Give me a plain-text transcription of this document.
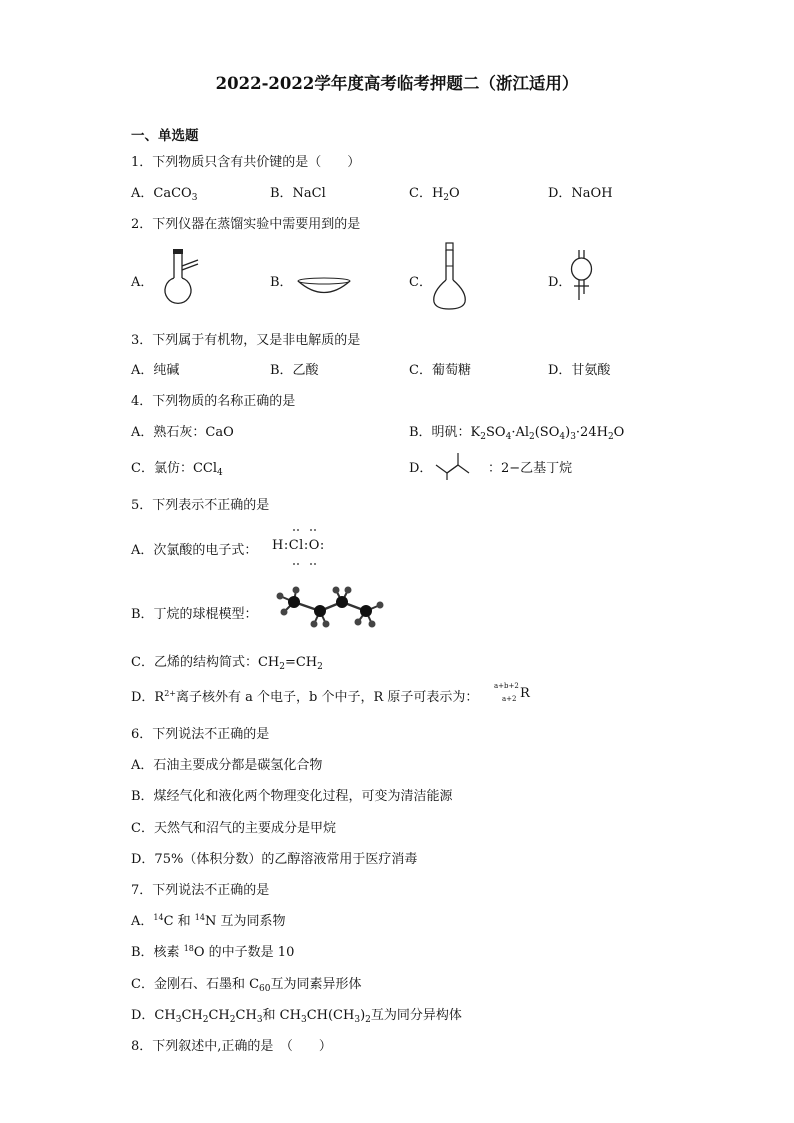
2022-2022学年度高考临考押题二（浙江适用）
一、单选题
1．下列物质只含有共价键的是（　　）
A．CaCO$_3$	B．NaCl	C．$H_2O$	D．NaOH
2．下列仪器在蒸馏实验中需要用到的是
A．	B．	C．	D．
3．下列属于有机物，又是非电解质的是
A．纯碱	B．乙酸	C．葡萄糖	D．甘氨酸
4．下列物质的名称正确的是
A．熟石灰：CaO	B．明矾：$K_2SO_4\cdot Al_2(SO_4)_3\cdot 24H_2O$
C．氯仿：CCl$_4$	D．	：2−乙基丁烷
5．下列表示不正确的是
A．次氯酸的电子式： H:Cl:O:
B．丁烷的球棍模型：
C．乙烯的结构简式：$CH_2=CH_2$
D．$R^{2+}$离子核外有 a 个电子，b 个中子，R 原子可表示为：
a+b+2
a+2 R
6．下列说法不正确的是
A．石油主要成分都是碳氢化合物
B．煤经气化和液化两个物理变化过程，可变为清洁能源
C．天然气和沼气的主要成分是甲烷
D．75%（体积分数）的乙醇溶液常用于医疗消毒
7．下列说法不正确的是
A．$^{14}$C 和 $^{14}$N 互为同系物
B．核素 $^{18}$O 的中子数是 10
C．金刚石、石墨和 $C_{60}$互为同素异形体
D．$CH_3CH_2CH_2CH_3$和 $CH_3CH(CH_3)_2$互为同分异构体
8．下列叙述中,正确的是　（　　）
